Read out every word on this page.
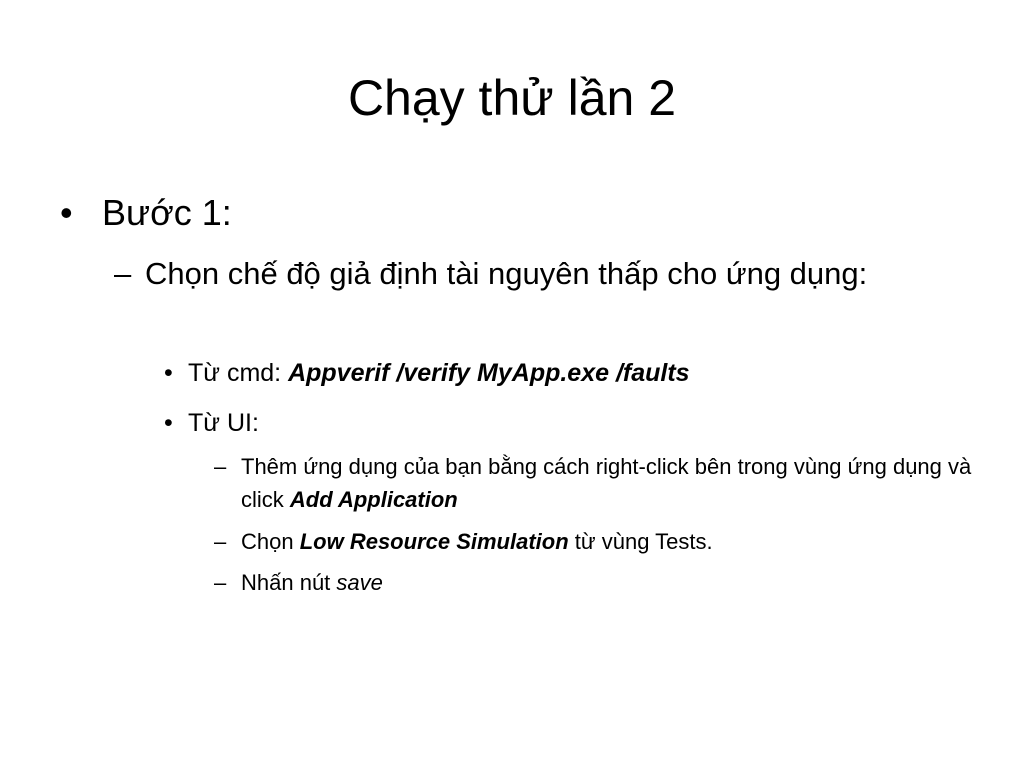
Chạy thử lần 2
• Bước 1:
– Chọn chế độ giả định tài nguyên thấp cho ứng dụng:
• Từ cmd: Appverif /verify MyApp.exe /faults
• Từ UI:
– Thêm ứng dụng của bạn bằng cách right-click bên trong vùng ứng dụng và click Add Application
– Chọn Low Resource Simulation từ vùng Tests.
– Nhấn nút save
